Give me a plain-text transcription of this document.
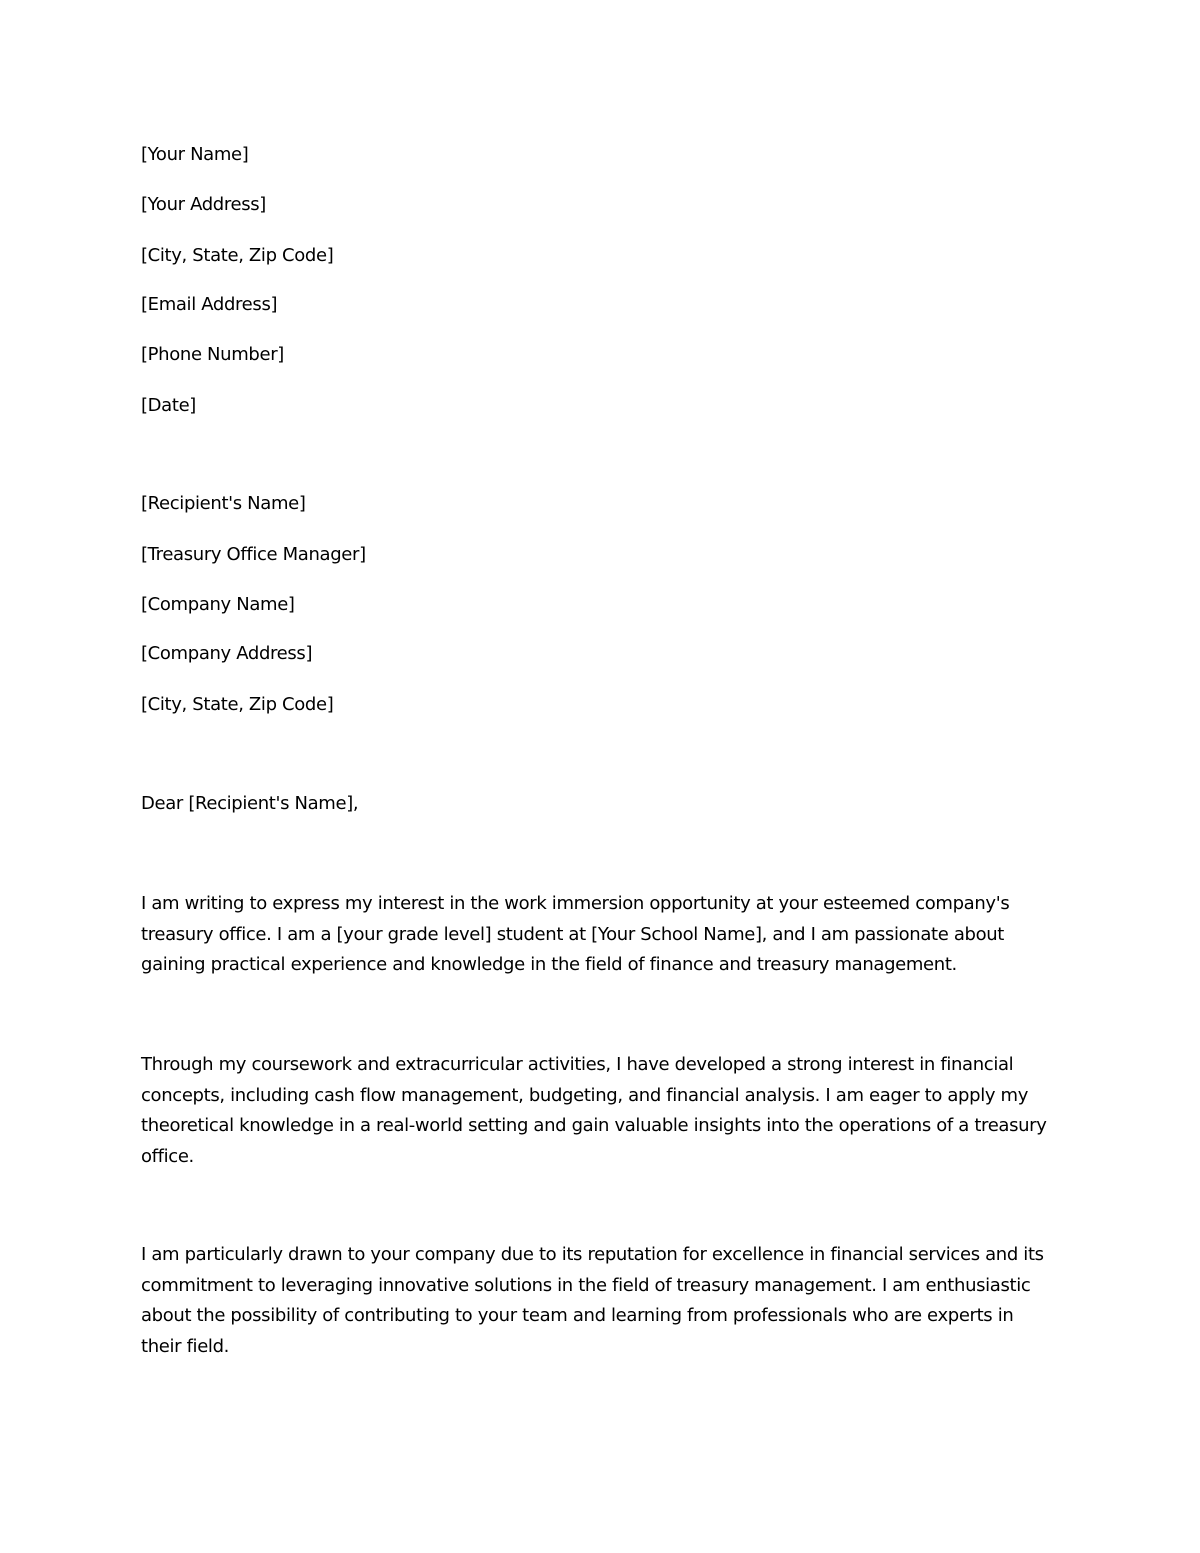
[Your Name]
[Your Address]
[City, State, Zip Code]
[Email Address]
[Phone Number]
[Date]
[Recipient's Name]
[Treasury Office Manager]
[Company Name]
[Company Address]
[City, State, Zip Code]
Dear [Recipient's Name],
I am writing to express my interest in the work immersion opportunity at your esteemed company's
treasury office. I am a [your grade level] student at [Your School Name], and I am passionate about
gaining practical experience and knowledge in the field of finance and treasury management.
Through my coursework and extracurricular activities, I have developed a strong interest in financial
concepts, including cash flow management, budgeting, and financial analysis. I am eager to apply my
theoretical knowledge in a real-world setting and gain valuable insights into the operations of a treasury
office.
I am particularly drawn to your company due to its reputation for excellence in financial services and its
commitment to leveraging innovative solutions in the field of treasury management. I am enthusiastic
about the possibility of contributing to your team and learning from professionals who are experts in
their field.
